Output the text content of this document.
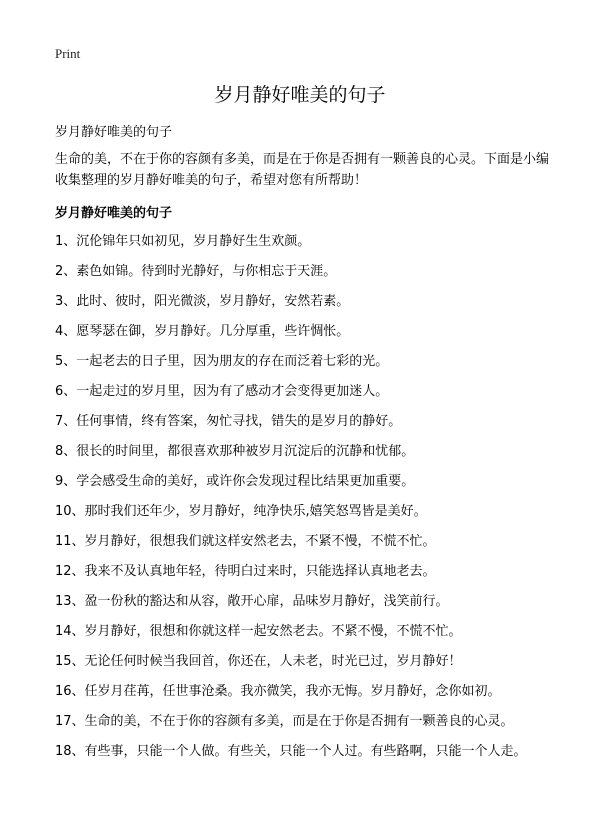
Print
岁月静好唯美的句子
岁月静好唯美的句子
生命的美，不在于你的容颜有多美，而是在于你是否拥有一颗善良的心灵。下面是小编收集整理的岁月静好唯美的句子，希望对您有所帮助！
岁月静好唯美的句子
1、沉伦锦年只如初见，岁月静好生生欢颜。
2、素色如锦。待到时光静好，与你相忘于天涯。
3、此时、彼时，阳光微淡，岁月静好，安然若素。
4、愿琴瑟在御，岁月静好。几分厚重，些许惆怅。
5、一起老去的日子里，因为朋友的存在而泛着七彩的光。
6、一起走过的岁月里，因为有了感动才会变得更加迷人。
7、任何事情，终有答案，匆忙寻找，错失的是岁月的静好。
8、很长的时间里，都很喜欢那种被岁月沉淀后的沉静和忧郁。
9、学会感受生命的美好，或许你会发现过程比结果更加重要。
10、那时我们还年少，岁月静好，纯净快乐,嬉笑怒骂皆是美好。
11、岁月静好，很想我们就这样安然老去，不紧不慢，不慌不忙。
12、我来不及认真地年轻，待明白过来时，只能选择认真地老去。
13、盈一份秋的豁达和从容，敞开心扉，品味岁月静好，浅笑前行。
14、岁月静好，很想和你就这样一起安然老去。不紧不慢，不慌不忙。
15、无论任何时候当我回首，你还在，人未老，时光已过，岁月静好！
16、任岁月荏苒，任世事沧桑。我亦微笑，我亦无悔。岁月静好，念你如初。
17、生命的美，不在于你的容颜有多美，而是在于你是否拥有一颗善良的心灵。
18、有些事，只能一个人做。有些关，只能一个人过。有些路啊，只能一个人走。
